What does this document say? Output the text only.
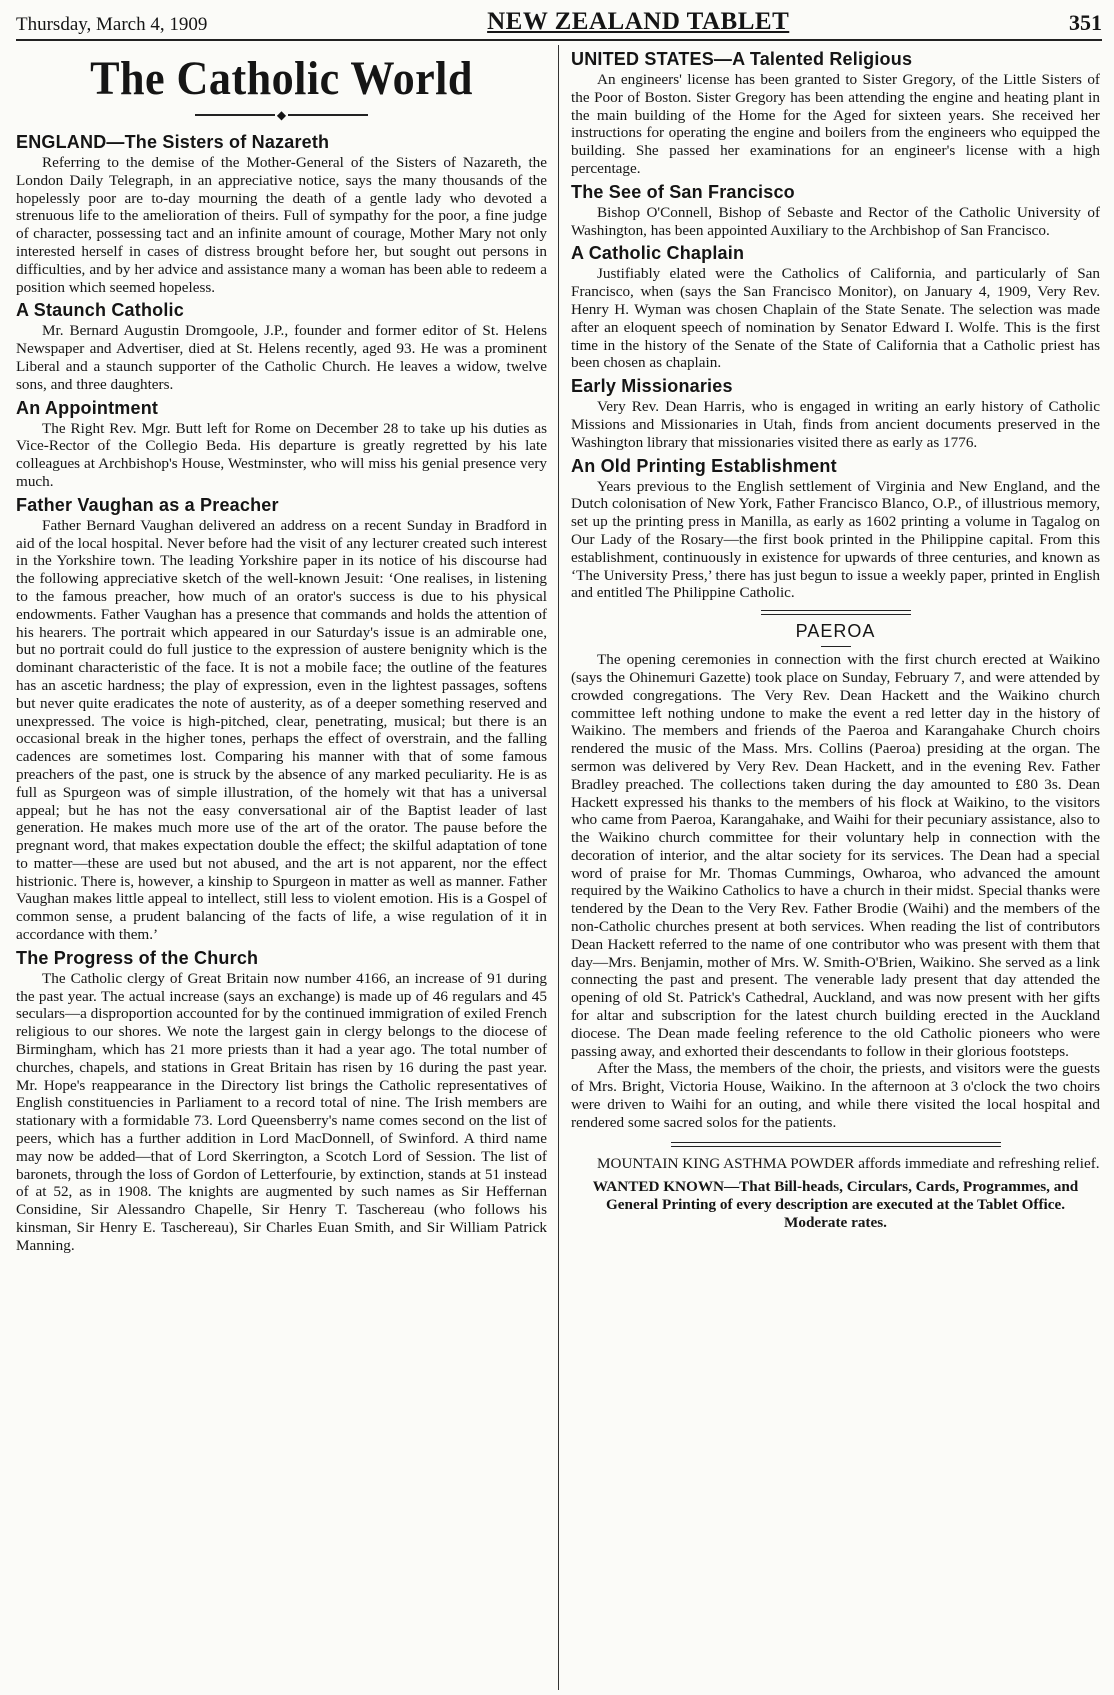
Thursday, March 4, 1909	NEW ZEALAND TABLET	351
The Catholic World
◆
ENGLAND—The Sisters of Nazareth

Referring to the demise of the Mother-General of the Sisters of Nazareth, the London Daily Telegraph, in an appreciative notice, says the many thousands of the hopelessly poor are to-day mourning the death of a gentle lady who devoted a strenuous life to the amelioration of theirs. Full of sympathy for the poor, a fine judge of character, possessing tact and an infinite amount of courage, Mother Mary not only interested herself in cases of distress brought before her, but sought out persons in difficulties, and by her advice and assistance many a woman has been able to redeem a position which seemed hopeless.

A Staunch Catholic

Mr. Bernard Augustin Dromgoole, J.P., founder and former editor of St. Helens Newspaper and Advertiser, died at St. Helens recently, aged 93. He was a prominent Liberal and a staunch supporter of the Catholic Church. He leaves a widow, twelve sons, and three daughters.

An Appointment

The Right Rev. Mgr. Butt left for Rome on December 28 to take up his duties as Vice-Rector of the Collegio Beda. His departure is greatly regretted by his late colleagues at Archbishop's House, Westminster, who will miss his genial presence very much.

Father Vaughan as a Preacher

Father Bernard Vaughan delivered an address on a recent Sunday in Bradford in aid of the local hospital. Never before had the visit of any lecturer created such interest in the Yorkshire town. The leading Yorkshire paper in its notice of his discourse had the following appreciative sketch of the well-known Jesuit: ‘One realises, in listening to the famous preacher, how much of an orator's success is due to his physical endowments. Father Vaughan has a presence that commands and holds the attention of his hearers. The portrait which appeared in our Saturday's issue is an admirable one, but no portrait could do full justice to the expression of austere benignity which is the dominant characteristic of the face. It is not a mobile face; the outline of the features has an ascetic hardness; the play of expression, even in the lightest passages, softens but never quite eradicates the note of austerity, as of a deeper something reserved and unexpressed. The voice is high-pitched, clear, penetrating, musical; but there is an occasional break in the higher tones, perhaps the effect of overstrain, and the falling cadences are sometimes lost. Comparing his manner with that of some famous preachers of the past, one is struck by the absence of any marked peculiarity. He is as full as Spurgeon was of simple illustration, of the homely wit that has a universal appeal; but he has not the easy conversational air of the Baptist leader of last generation. He makes much more use of the art of the orator. The pause before the pregnant word, that makes expectation double the effect; the skilful adaptation of tone to matter—these are used but not abused, and the art is not apparent, nor the effect histrionic. There is, however, a kinship to Spurgeon in matter as well as manner. Father Vaughan makes little appeal to intellect, still less to violent emotion. His is a Gospel of common sense, a prudent balancing of the facts of life, a wise regulation of it in accordance with them.’

The Progress of the Church

The Catholic clergy of Great Britain now number 4166, an increase of 91 during the past year. The actual increase (says an exchange) is made up of 46 regulars and 45 seculars—a disproportion accounted for by the continued immigration of exiled French religious to our shores. We note the largest gain in clergy belongs to the diocese of Birmingham, which has 21 more priests than it had a year ago. The total number of churches, chapels, and stations in Great Britain has risen by 16 during the past year. Mr. Hope's reappearance in the Directory list brings the Catholic representatives of English constituencies in Parliament to a record total of nine. The Irish members are stationary with a formidable 73. Lord Queensberry's name comes second on the list of peers, which has a further addition in Lord MacDonnell, of Swinford. A third name may now be added—that of Lord Skerrington, a Scotch Lord of Session. The list of baronets, through the loss of Gordon of Letterfourie, by extinction, stands at 51 instead of at 52, as in 1908. The knights are augmented by such names as Sir Heffernan Considine, Sir Alessandro Chapelle, Sir Henry T. Taschereau (who follows his kinsman, Sir Henry E. Taschereau), Sir Charles Euan Smith, and Sir William Patrick Manning.

UNITED STATES—A Talented Religious

An engineers' license has been granted to Sister Gregory, of the Little Sisters of the Poor of Boston. Sister Gregory has been attending the engine and heating plant in the main building of the Home for the Aged for sixteen years. She received her instructions for operating the engine and boilers from the engineers who equipped the building. She passed her examinations for an engineer's license with a high percentage.

The See of San Francisco

Bishop O'Connell, Bishop of Sebaste and Rector of the Catholic University of Washington, has been appointed Auxiliary to the Archbishop of San Francisco.

A Catholic Chaplain

Justifiably elated were the Catholics of California, and particularly of San Francisco, when (says the San Francisco Monitor), on January 4, 1909, Very Rev. Henry H. Wyman was chosen Chaplain of the State Senate. The selection was made after an eloquent speech of nomination by Senator Edward I. Wolfe. This is the first time in the history of the Senate of the State of California that a Catholic priest has been chosen as chaplain.

Early Missionaries

Very Rev. Dean Harris, who is engaged in writing an early history of Catholic Missions and Missionaries in Utah, finds from ancient documents preserved in the Washington library that missionaries visited there as early as 1776.

An Old Printing Establishment

Years previous to the English settlement of Virginia and New England, and the Dutch colonisation of New York, Father Francisco Blanco, O.P., of illustrious memory, set up the printing press in Manilla, as early as 1602 printing a volume in Tagalog on Our Lady of the Rosary—the first book printed in the Philippine capital. From this establishment, continuously in existence for upwards of three centuries, and known as ‘The University Press,’ there has just begun to issue a weekly paper, printed in English and entitled The Philippine Catholic.

PAEROA

The opening ceremonies in connection with the first church erected at Waikino (says the Ohinemuri Gazette) took place on Sunday, February 7, and were attended by crowded congregations. The Very Rev. Dean Hackett and the Waikino church committee left nothing undone to make the event a red letter day in the history of Waikino. The members and friends of the Paeroa and Karangahake Church choirs rendered the music of the Mass. Mrs. Collins (Paeroa) presiding at the organ. The sermon was delivered by Very Rev. Dean Hackett, and in the evening Rev. Father Bradley preached. The collections taken during the day amounted to £80 3s. Dean Hackett expressed his thanks to the members of his flock at Waikino, to the visitors who came from Paeroa, Karangahake, and Waihi for their pecuniary assistance, also to the Waikino church committee for their voluntary help in connection with the decoration of interior, and the altar society for its services. The Dean had a special word of praise for Mr. Thomas Cummings, Owharoa, who advanced the amount required by the Waikino Catholics to have a church in their midst. Special thanks were tendered by the Dean to the Very Rev. Father Brodie (Waihi) and the members of the non-Catholic churches present at both services. When reading the list of contributors Dean Hackett referred to the name of one contributor who was present with them that day—Mrs. Benjamin, mother of Mrs. W. Smith-O'Brien, Waikino. She served as a link connecting the past and present. The venerable lady present that day attended the opening of old St. Patrick's Cathedral, Auckland, and was now present with her gifts for altar and subscription for the latest church building erected in the Auckland diocese. The Dean made feeling reference to the old Catholic pioneers who were passing away, and exhorted their descendants to follow in their glorious footsteps.

After the Mass, the members of the choir, the priests, and visitors were the guests of Mrs. Bright, Victoria House, Waikino. In the afternoon at 3 o'clock the two choirs were driven to Waihi for an outing, and while there visited the local hospital and rendered some sacred solos for the patients.

MOUNTAIN KING ASTHMA POWDER affords immediate and refreshing relief.

WANTED KNOWN—That Bill-heads, Circulars, Cards, Programmes, and General Printing of every description are executed at the Tablet Office. Moderate rates.
